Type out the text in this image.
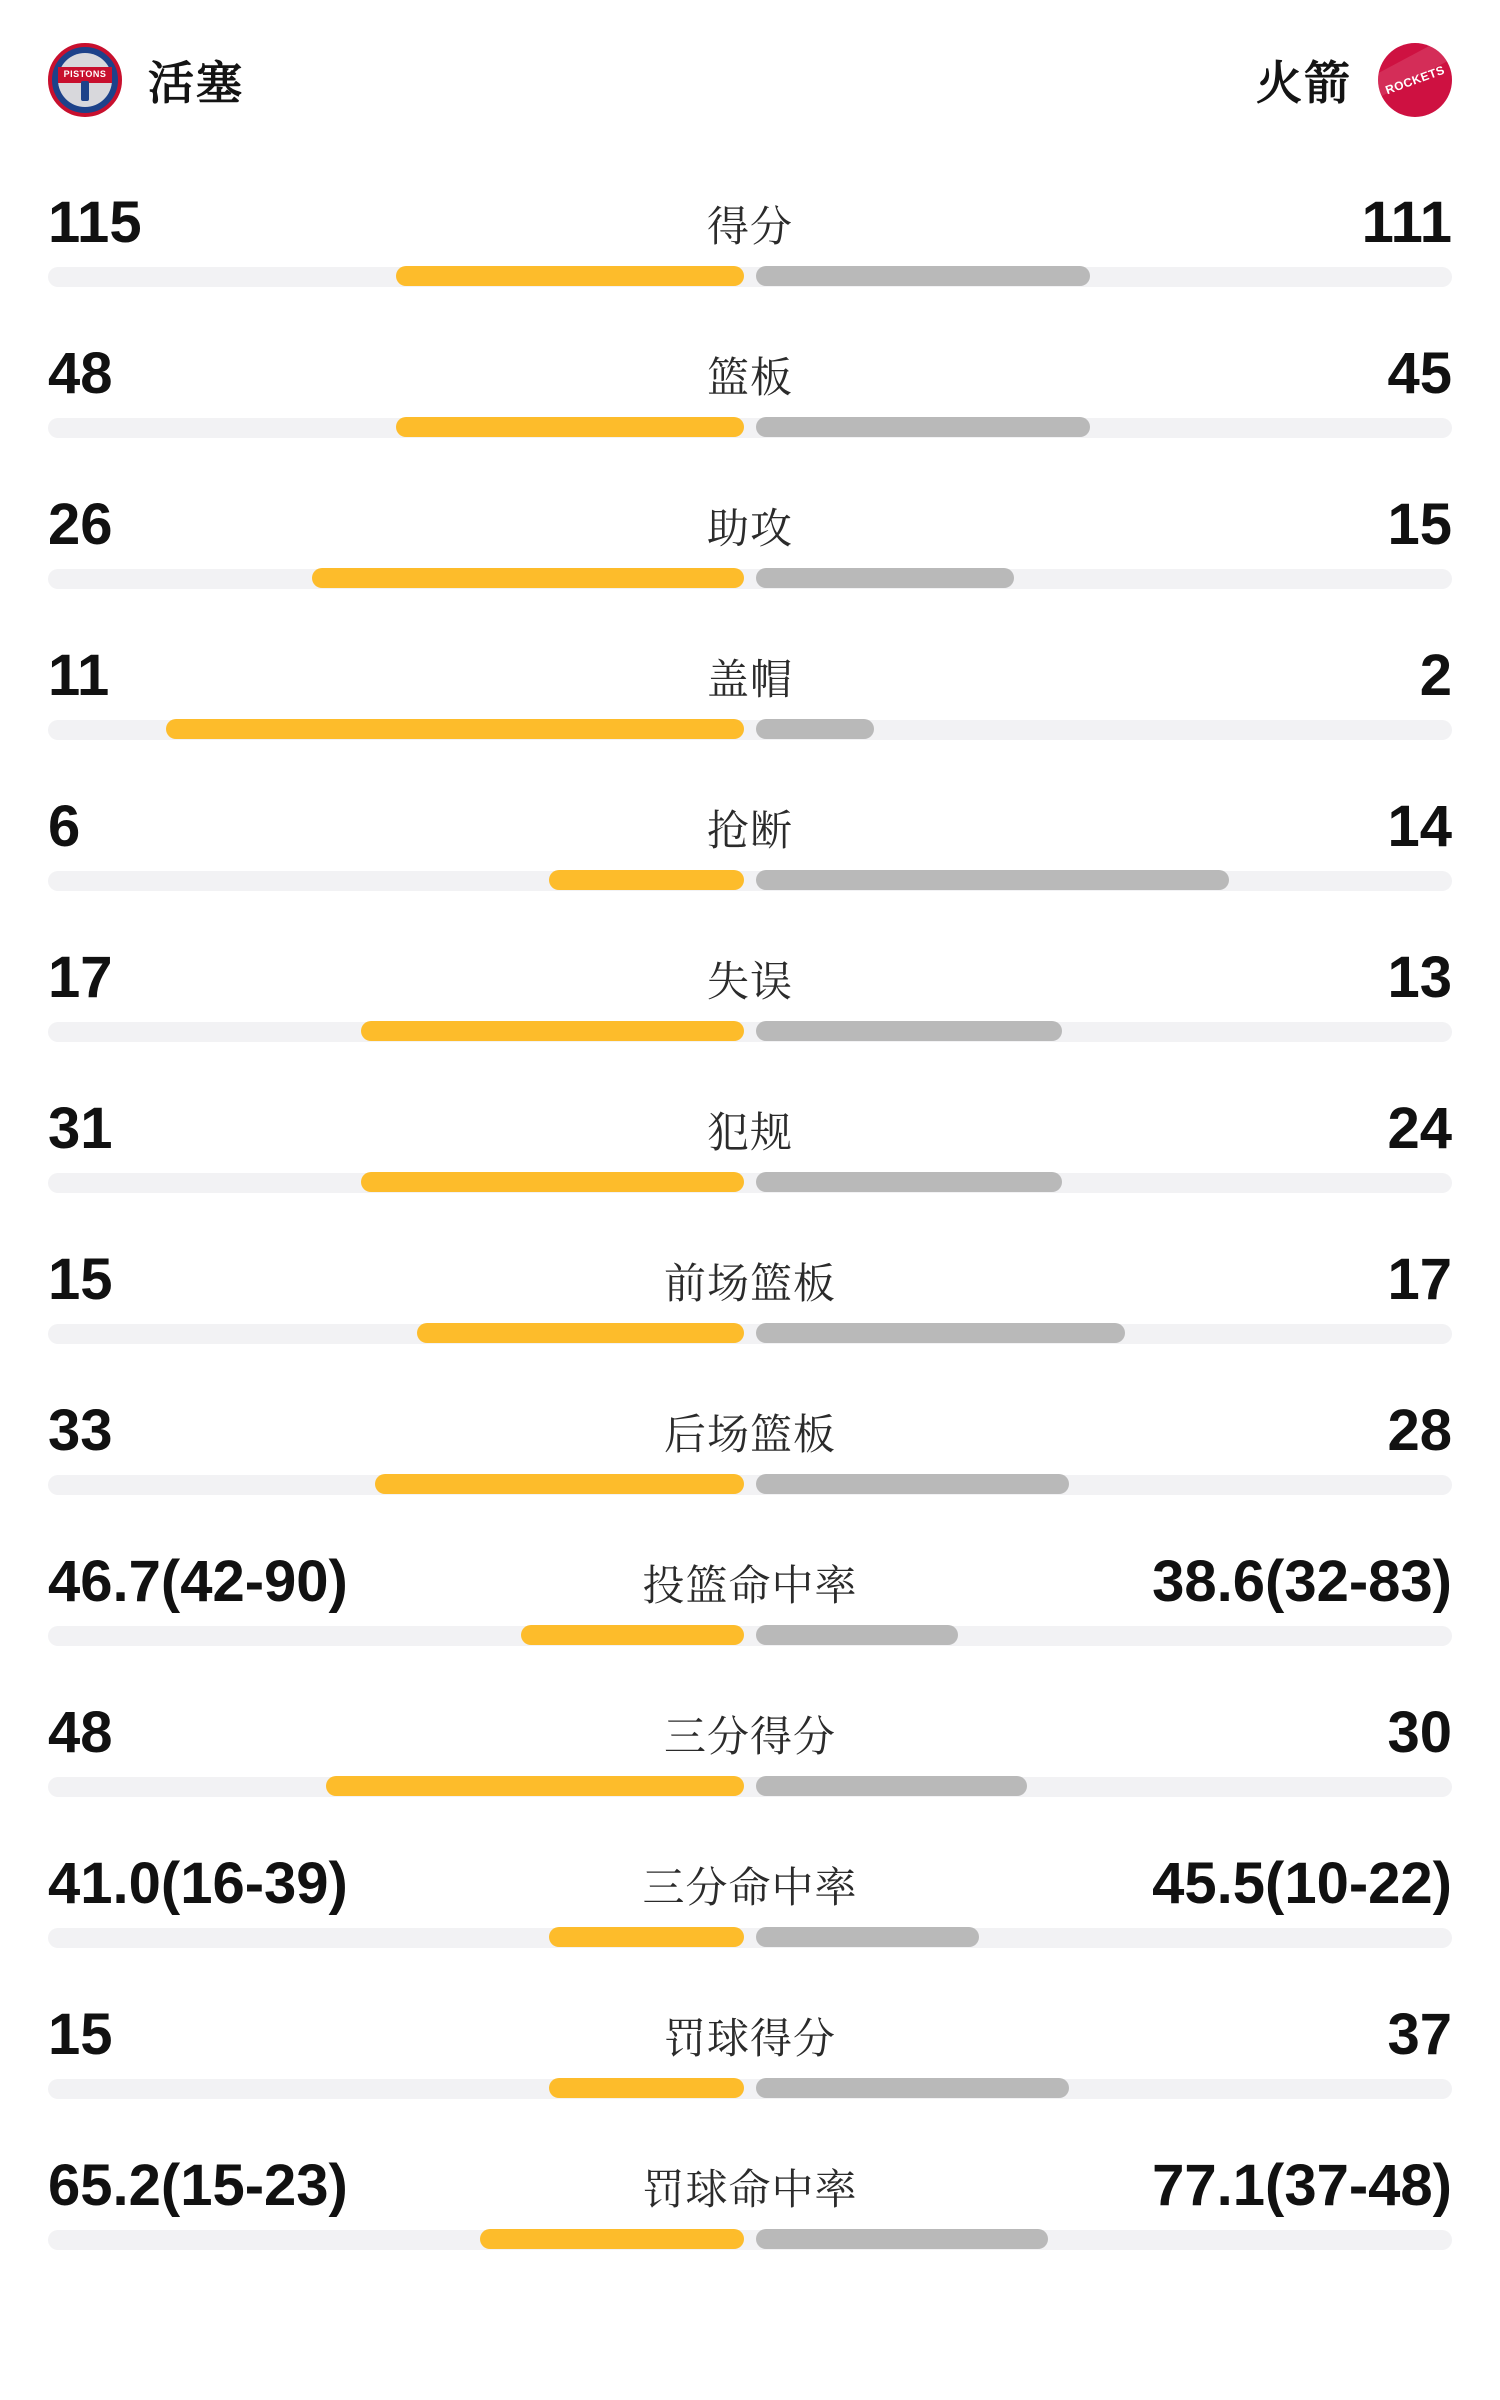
PISTONS 活塞	火箭	ROCKETS
115	得分	111
48	篮板	45
26	助攻	15
11	盖帽	2
6	抢断	14
17	失误	13
31	犯规	24
15	前场篮板	17
33	后场篮板	28
46.7(42-90)	投篮命中率	38.6(32-83)
48	三分得分	30
41.0(16-39)	三分命中率	45.5(10-22)
15	罚球得分	37
65.2(15-23)	罚球命中率	77.1(37-48)
